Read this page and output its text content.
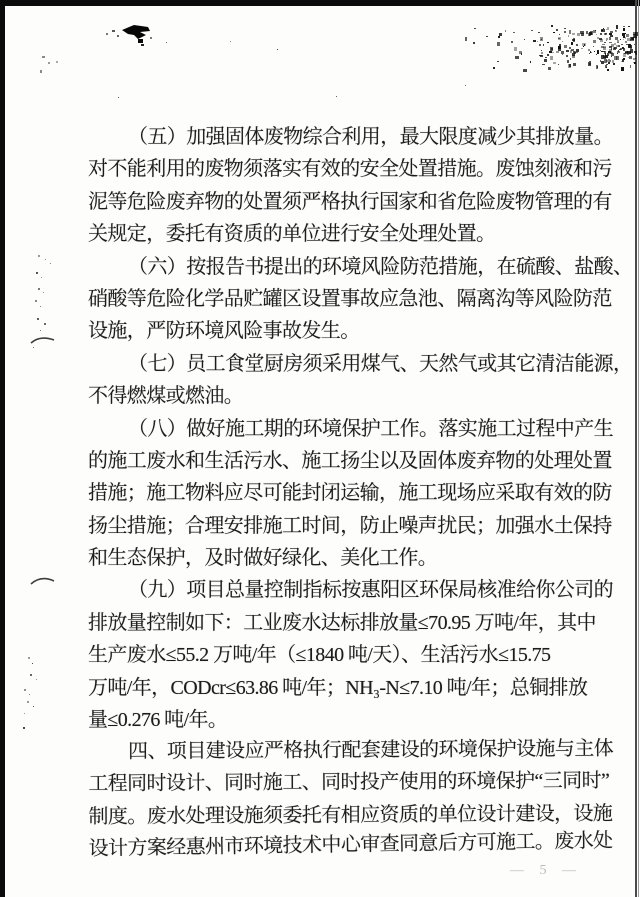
（五）加强固体废物综合利用，最大限度减少其排放量。
对不能利用的废物须落实有效的安全处置措施。废蚀刻液和污
泥等危险废弃物的处置须严格执行国家和省危险废物管理的有
关规定，委托有资质的单位进行安全处理处置。
（六）按报告书提出的环境风险防范措施，在硫酸、盐酸、
硝酸等危险化学品贮罐区设置事故应急池、隔离沟等风险防范
设施，严防环境风险事故发生。
（七）员工食堂厨房须采用煤气、天然气或其它清洁能源，
不得燃煤或燃油。
（八）做好施工期的环境保护工作。落实施工过程中产生
的施工废水和生活污水、施工扬尘以及固体废弃物的处理处置
措施；施工物料应尽可能封闭运输，施工现场应采取有效的防
扬尘措施；合理安排施工时间，防止噪声扰民；加强水土保持
和生态保护，及时做好绿化、美化工作。
（九）项目总量控制指标按惠阳区环保局核准给你公司的
排放量控制如下：工业废水达标排放量≤70.95 万吨/年，其中
生产废水≤55.2 万吨/年（≤1840 吨/天）、生活污水≤15.75
万吨/年，CODcr≤63.86 吨/年；NH₃-N≤7.10 吨/年；总铜排放
量≤0.276 吨/年。
四、项目建设应严格执行配套建设的环境保护设施与主体
工程同时设计、同时施工、同时投产使用的环境保护“三同时”
制度。废水处理设施须委托有相应资质的单位设计建设，设施
设计方案经惠州市环境技术中心审查同意后方可施工。废水处
— 5 —
